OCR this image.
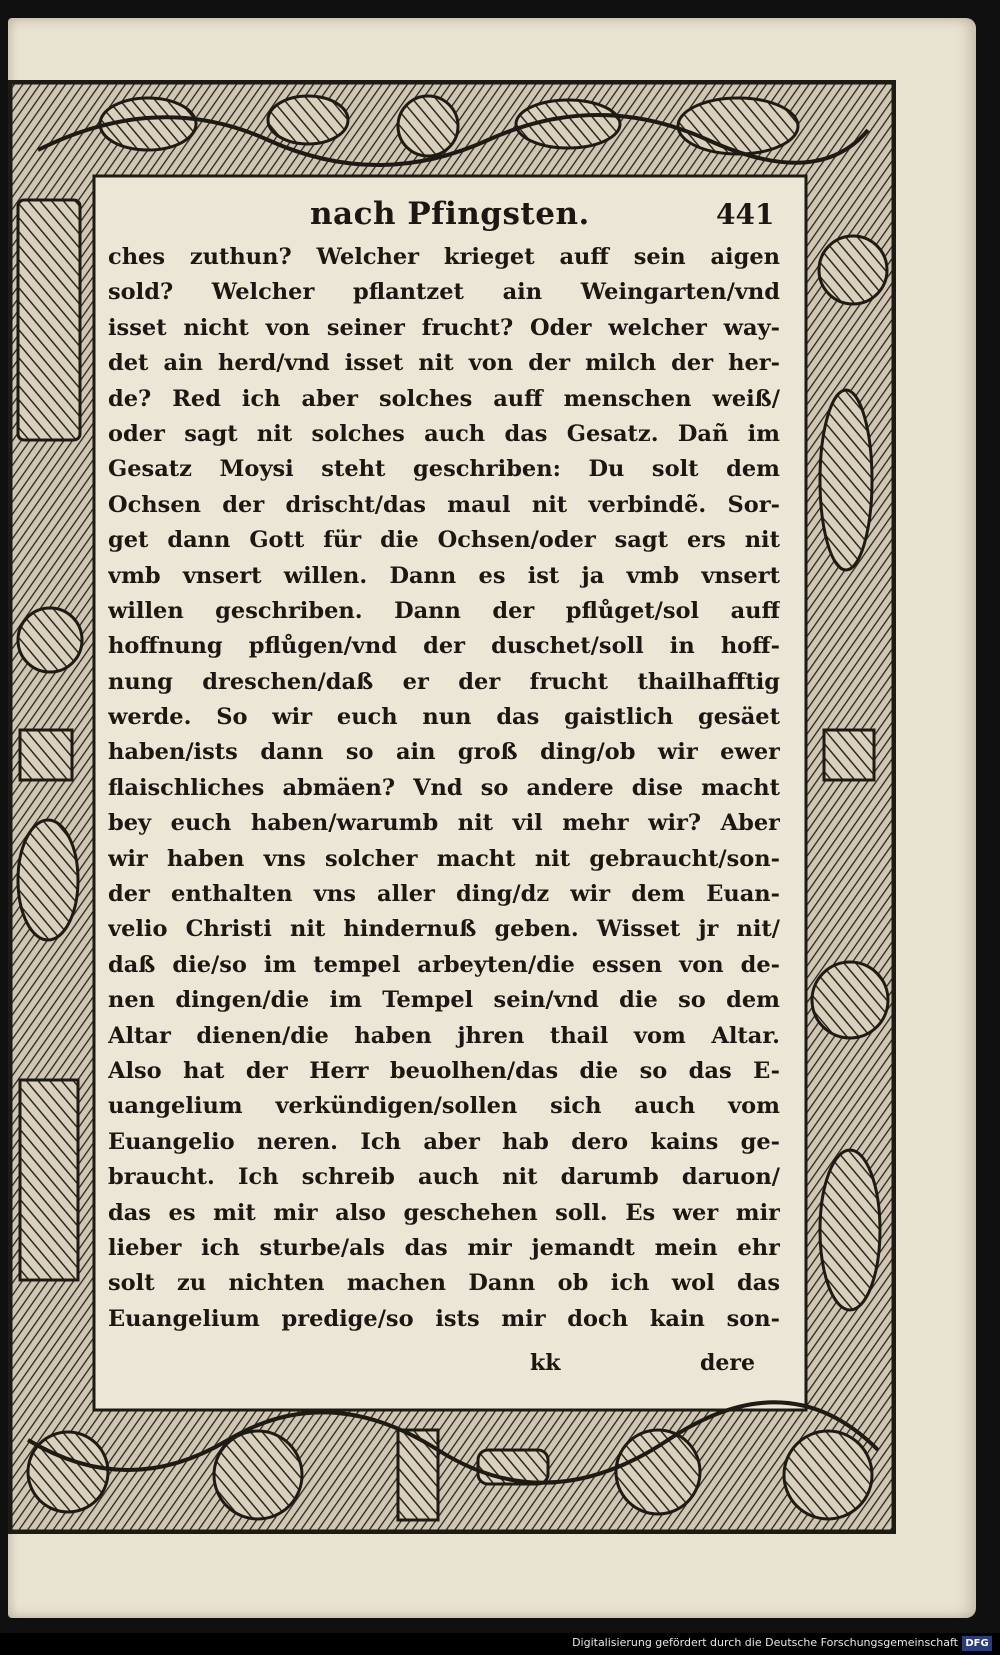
nach Pfingsten.	441
ches zuthun? Welcher krieget auff sein aigen
sold? Welcher pflantzet ain Weingarten/vnd
isset nicht von seiner frucht? Oder welcher way-
det ain herd/vnd isset nit von der milch der her-
de? Red ich aber solches auff menschen weiß/
oder sagt nit solches auch das Gesatz. Dañ im
Gesatz Moysi steht geschriben: Du solt dem
Ochsen der drischt/das maul nit verbindẽ. Sor-
get dann Gott für die Ochsen/oder sagt ers nit
vmb vnsert willen. Dann es ist ja vmb vnsert
willen geschriben. Dann der pflůget/sol auff
hoffnung pflůgen/vnd der duschet/soll in hoff-
nung dreschen/daß er der frucht thailhafftig
werde. So wir euch nun das gaistlich gesäet
haben/ists dann so ain groß ding/ob wir ewer
flaischliches abmäen? Vnd so andere dise macht
bey euch haben/warumb nit vil mehr wir? Aber
wir haben vns solcher macht nit gebraucht/son-
der enthalten vns aller ding/dz wir dem Euan-
velio Christi nit hindernuß geben. Wisset jr nit/
daß die/so im tempel arbeyten/die essen von de-
nen dingen/die im Tempel sein/vnd die so dem
Altar dienen/die haben jhren thail vom Altar.
Also hat der Herr beuolhen/das die so das E-
uangelium verkündigen/sollen sich auch vom
Euangelio neren. Ich aber hab dero kains ge-
braucht. Ich schreib auch nit darumb daruon/
das es mit mir also geschehen soll. Es wer mir
lieber ich sturbe/als das mir jemandt mein ehr
solt zu nichten machen Dann ob ich wol das
Euangelium predige/so ists mir doch kain son-
kk	dere
Digitalisierung gefördert durch die Deutsche Forschungsgemeinschaft DFG
